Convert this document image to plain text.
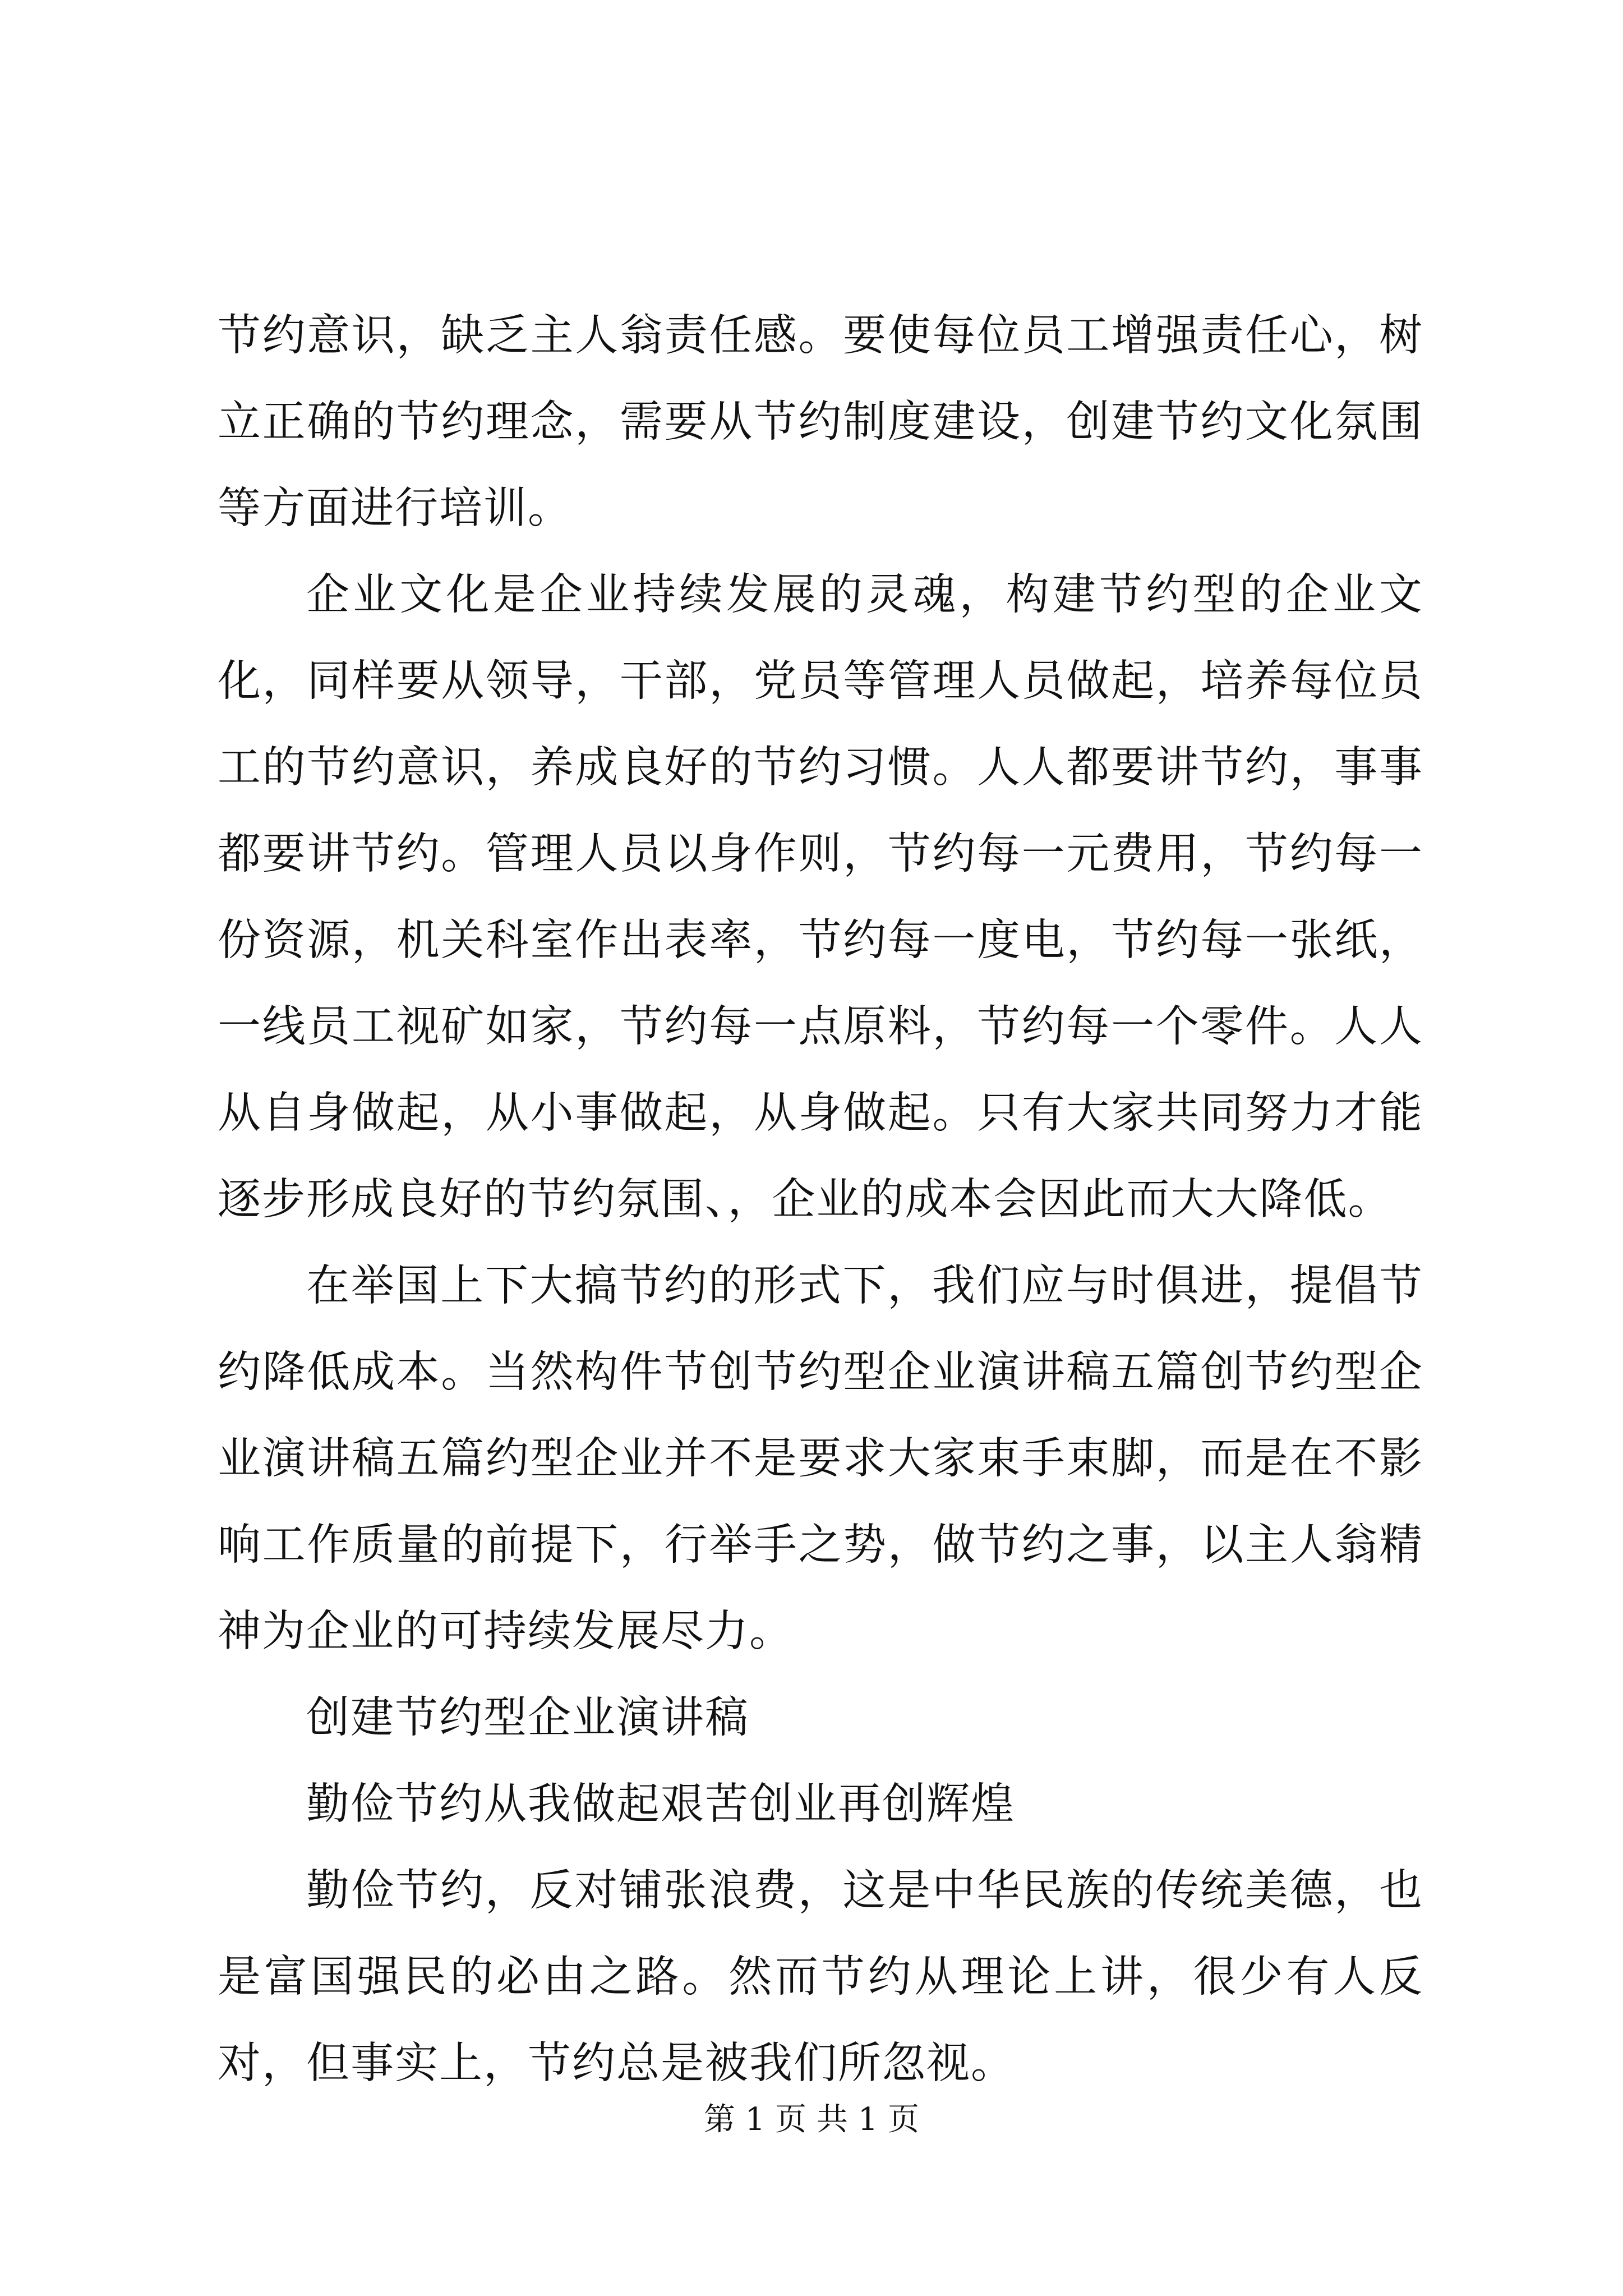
节约意识，缺乏主人翁责任感。要使每位员工增强责任心，树立正确的节约理念，需要从节约制度建设，创建节约文化氛围等方面进行培训。

企业文化是企业持续发展的灵魂，构建节约型的企业文化，同样要从领导，干部，党员等管理人员做起，培养每位员工的节约意识，养成良好的节约习惯。人人都要讲节约，事事都要讲节约。管理人员以身作则，节约每一元费用，节约每一份资源，机关科室作出表率，节约每一度电，节约每一张纸，一线员工视矿如家，节约每一点原料，节约每一个零件。人人从自身做起，从小事做起，从身做起。只有大家共同努力才能逐步形成良好的节约氛围、，企业的成本会因此而大大降低。

在举国上下大搞节约的形式下，我们应与时俱进，提倡节约降低成本。当然构件节创节约型企业演讲稿五篇创节约型企业演讲稿五篇约型企业并不是要求大家束手束脚，而是在不影响工作质量的前提下，行举手之势，做节约之事，以主人翁精神为企业的可持续发展尽力。

创建节约型企业演讲稿

勤俭节约从我做起艰苦创业再创辉煌

勤俭节约，反对铺张浪费，这是中华民族的传统美德，也是富国强民的必由之路。然而节约从理论上讲，很少有人反对，但事实上，节约总是被我们所忽视。

第 1 页 共 1 页
